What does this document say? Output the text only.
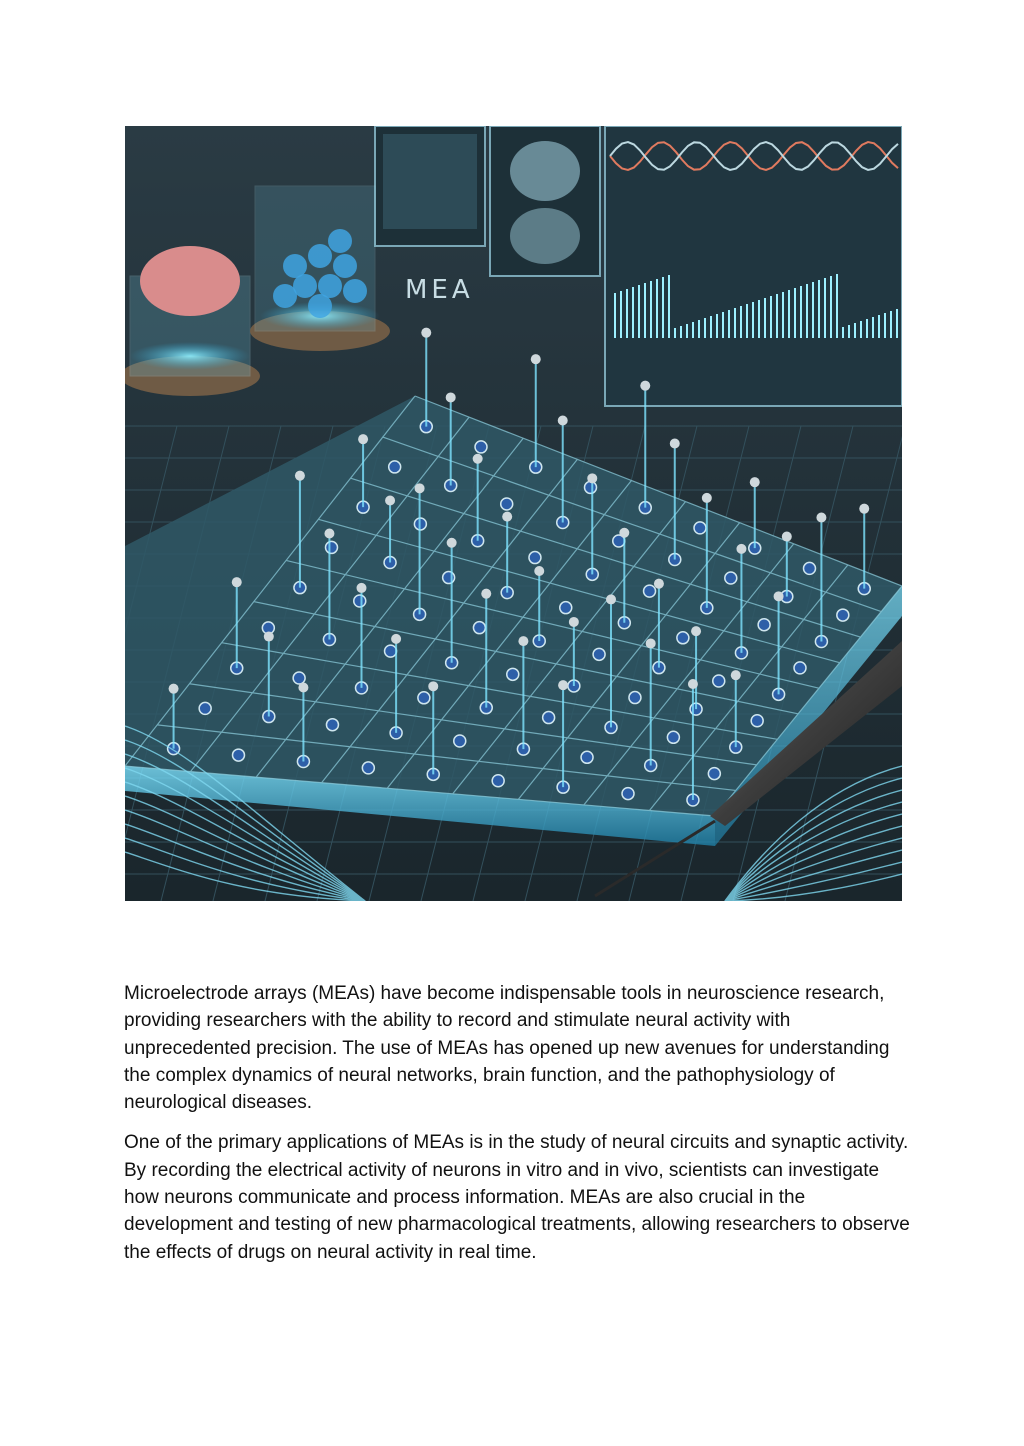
MEA

Microelectrode arrays (MEAs) have become indispensable tools in neuroscience research, providing researchers with the ability to record and stimulate neural activity with unprecedented precision. The use of MEAs has opened up new avenues for understanding the complex dynamics of neural networks, brain function, and the pathophysiology of neurological diseases.

One of the primary applications of MEAs is in the study of neural circuits and synaptic activity. By recording the electrical activity of neurons in vitro and in vivo, scientists can investigate how neurons communicate and process information. MEAs are also crucial in the development and testing of new pharmacological treatments, allowing researchers to observe the effects of drugs on neural activity in real time.
